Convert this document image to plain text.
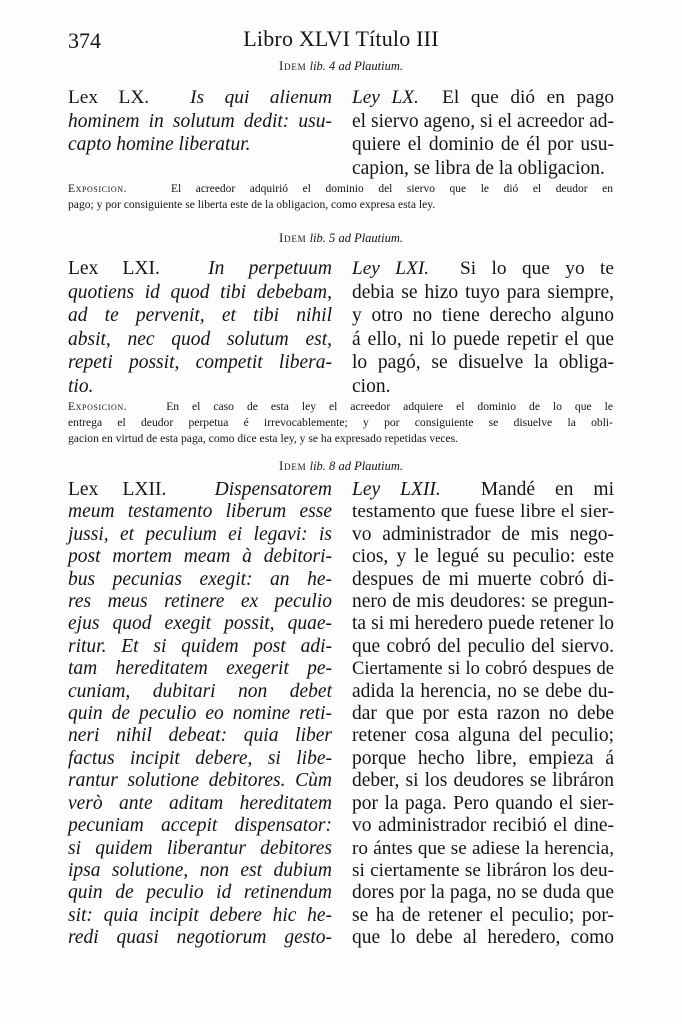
374	Libro XLVI Título III
Idem lib. 4 ad Plautium.
Lex LX. Is qui alienum
hominem in solutum dedit: usu-
capto homine liberatur.
Ley LX. El que dió en pago
el siervo ageno, si el acreedor ad-
quiere el dominio de él por usu-
capion, se libra de la obligacion.
Exposicion.	El acreedor adquirió el dominio del siervo que le dió el deudor en
pago; y por consiguiente se liberta este de la obligacion, como expresa esta ley.
Idem lib. 5 ad Plautium.
Lex LXI. In perpetuum
quotiens id quod tibi debebam,
ad te pervenit, et tibi nihil
absit, nec quod solutum est,
repeti possit, competit libera-
tio.
Ley LXI. Si lo que yo te
debia se hizo tuyo para siempre,
y otro no tiene derecho alguno
á ello, ni lo puede repetir el que
lo pagó, se disuelve la obliga-
cion.
Exposicion.	En el caso de esta ley el acreedor adquiere el dominio de lo que le
entrega el deudor perpetua é irrevocablemente; y por consiguiente se disuelve la obli-
gacion en virtud de esta paga, como dice esta ley, y se ha expresado repetidas veces.
Idem lib. 8 ad Plautium.
Lex LXII. Dispensatorem
meum testamento liberum esse
jussi, et peculium ei legavi: is
post mortem meam à debitori-
bus pecunias exegit: an he-
res meus retinere ex peculio
ejus quod exegit possit, quae-
ritur. Et si quidem post adi-
tam hereditatem exegerit pe-
cuniam, dubitari non debet
quin de peculio eo nomine reti-
neri nihil debeat: quia liber
factus incipit debere, si libe-
rantur solutione debitores. Cùm
verò ante aditam hereditatem
pecuniam accepit dispensator:
si quidem liberantur debitores
ipsa solutione, non est dubium
quin de peculio id retinendum
sit: quia incipit debere hic he-
redi quasi negotiorum gesto-
Ley LXII. Mandé en mi
testamento que fuese libre el sier-
vo administrador de mis nego-
cios, y le legué su peculio: este
despues de mi muerte cobró di-
nero de mis deudores: se pregun-
ta si mi heredero puede retener lo
que cobró del peculio del siervo.
Ciertamente si lo cobró despues de
adida la herencia, no se debe du-
dar que por esta razon no debe
retener cosa alguna del peculio;
porque hecho libre, empieza á
deber, si los deudores se libráron
por la paga. Pero quando el sier-
vo administrador recibió el dine-
ro ántes que se adiese la herencia,
si ciertamente se libráron los deu-
dores por la paga, no se duda que
se ha de retener el peculio; por-
que lo debe al heredero, como
